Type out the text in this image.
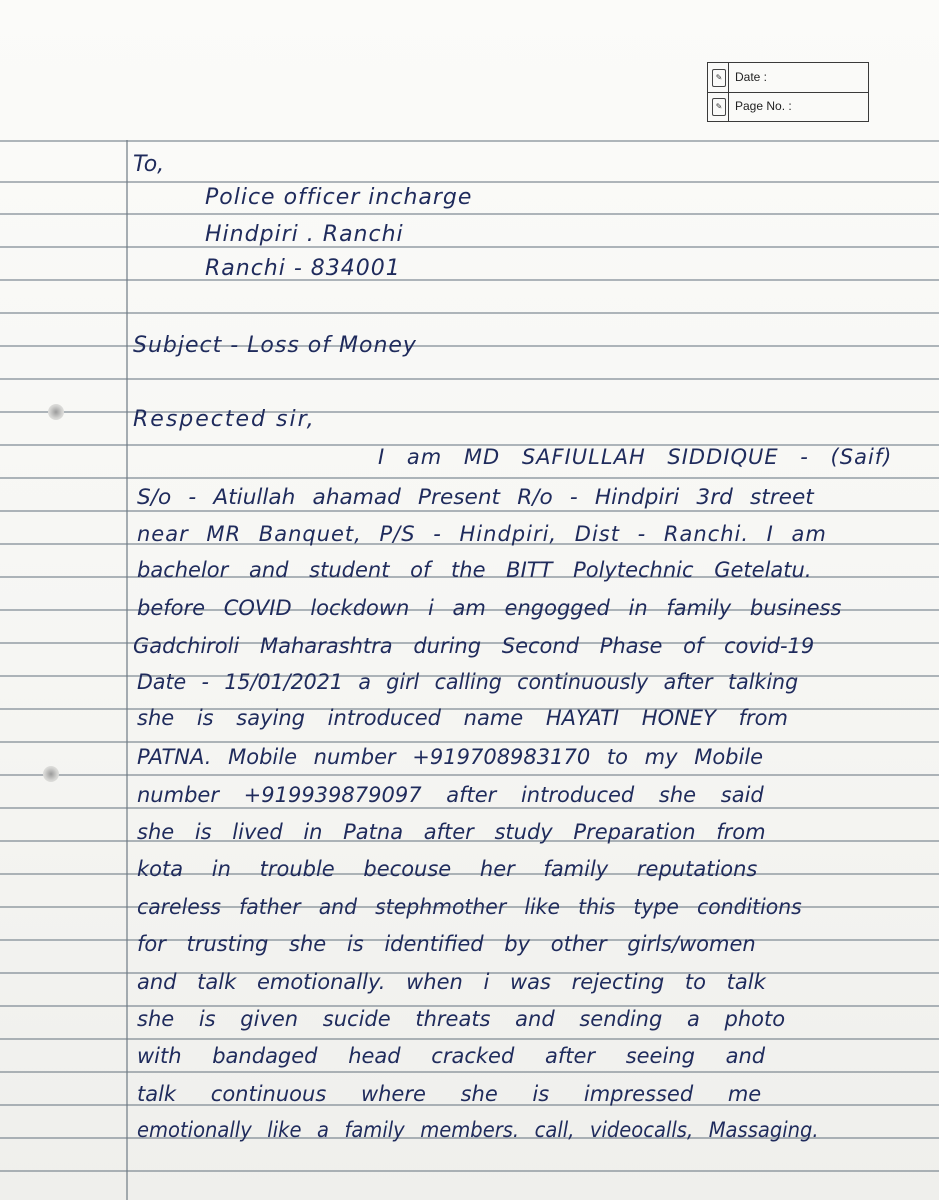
✎
✎
Date :
Page No. :
To,
Police officer incharge
Hindpiri . Ranchi
Ranchi - 834001
Subject - Loss of Money
Respected sir,
I am MD SAFIULLAH SIDDIQUE - (Saif)
S/o - Atiullah ahamad Present R/o - Hindpiri 3rd street
near MR Banquet, P/S - Hindpiri, Dist - Ranchi. I am
bachelor and student of the BITT Polytechnic Getelatu.
before COVID lockdown i am engogged in family business
Gadchiroli Maharashtra during Second Phase of covid-19
Date - 15/01/2021 a girl calling continuously after talking
she is saying introduced name HAYATI HONEY from
PATNA. Mobile number +919708983170 to my Mobile
number +919939879097 after introduced she said
she is lived in Patna after study Preparation from
kota in trouble becouse her family reputations
careless father and stephmother like this type conditions
for trusting she is identified by other girls/women
and talk emotionally. when i was rejecting to talk
she is given sucide threats and sending a photo
with bandaged head cracked after seeing and
talk continuous where she is impressed me
emotionally like a family members. call, videocalls, Massaging.
